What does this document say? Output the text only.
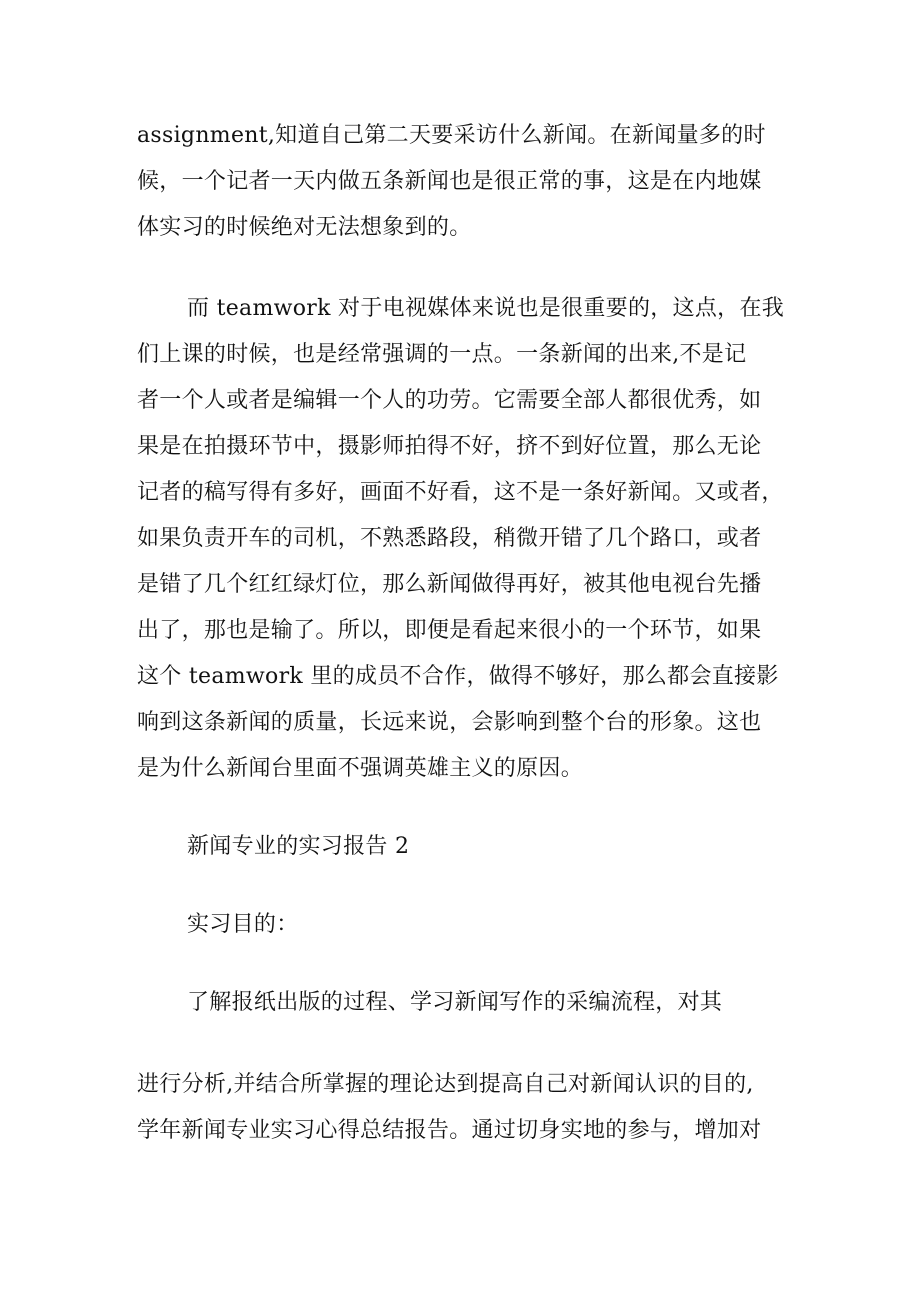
assignment,知道自己第二天要采访什么新闻。在新闻量多的时
候，一个记者一天内做五条新闻也是很正常的事，这是在内地媒
体实习的时候绝对无法想象到的。
而 teamwork 对于电视媒体来说也是很重要的，这点，在我
们上课的时候，也是经常强调的一点。一条新闻的出来,不是记
者一个人或者是编辑一个人的功劳。它需要全部人都很优秀，如
果是在拍摄环节中，摄影师拍得不好，挤不到好位置，那么无论
记者的稿写得有多好，画面不好看，这不是一条好新闻。又或者，
如果负责开车的司机，不熟悉路段，稍微开错了几个路口，或者
是错了几个红红绿灯位，那么新闻做得再好，被其他电视台先播
出了，那也是输了。所以，即便是看起来很小的一个环节，如果
这个 teamwork 里的成员不合作，做得不够好，那么都会直接影
响到这条新闻的质量，长远来说，会影响到整个台的形象。这也
是为什么新闻台里面不强调英雄主义的原因。
新闻专业的实习报告 2
实习目的：
了解报纸出版的过程、学习新闻写作的采编流程，对其
进行分析,并结合所掌握的理论达到提高自己对新闻认识的目的,
学年新闻专业实习心得总结报告。通过切身实地的参与，增加对
